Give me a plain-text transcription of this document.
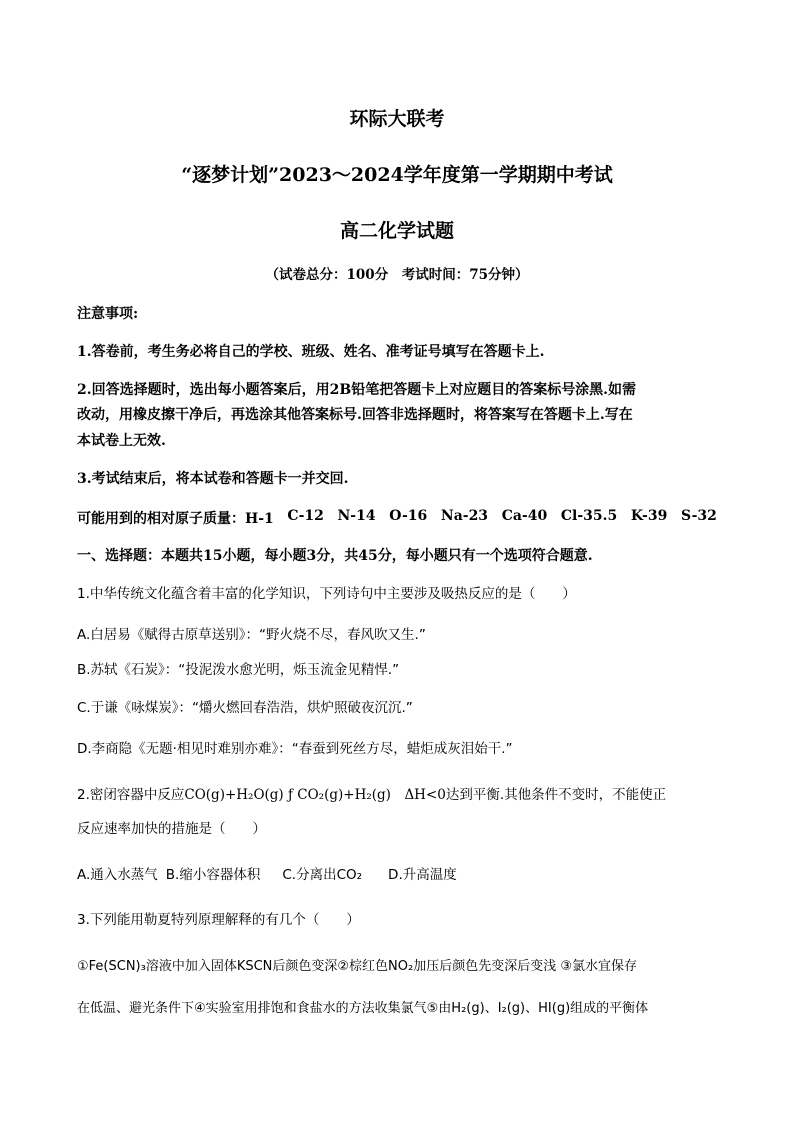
环际大联考
“逐梦计划”2023～2024学年度第一学期期中考试
高二化学试题
（试卷总分：100分　考试时间：75分钟）
注意事项:
1.答卷前，考生务必将自己的学校、班级、姓名、准考证号填写在答题卡上.
2.回答选择题时，选出每小题答案后，用2B铅笔把答题卡上对应题目的答案标号涂黑.如需
改动，用橡皮擦干净后，再选涂其他答案标号.回答非选择题时，将答案写在答题卡上.写在
本试卷上无效.
3.考试结束后，将本试卷和答题卡一并交回.
可能用到的相对原子质量：H-1 C-12 N-14 O-16 Na-23 Ca-40 Cl-35.5 K-39 S-32
一、选择题：本题共15小题，每小题3分，共45分，每小题只有一个选项符合题意.
1.中华传统文化蕴含着丰富的化学知识，下列诗句中主要涉及吸热反应的是（　　）
A.白居易《赋得古原草送别》：“野火烧不尽，春风吹又生.”
B.苏轼《石炭》：“投泥泼水愈光明，烁玉流金见精悍.”
C.于谦《咏煤炭》：“爝火燃回春浩浩，烘炉照破夜沉沉.”
D.李商隐《无题·相见时难别亦难》：“春蚕到死丝方尽，蜡炬成灰泪始干.”
2.密闭容器中反应CO(g)+H₂O(g) ƒ CO₂(g)+H₂(g)　ΔH<0达到平衡.其他条件不变时，不能使正
反应速率加快的措施是（　　）
A.通入水蒸气 B.缩小容器体积 C.分离出CO₂ D.升高温度
3.下列能用勒夏特列原理解释的有几个（　　）
①Fe(SCN)₃溶液中加入固体KSCN后颜色变深②棕红色NO₂加压后颜色先变深后变浅 ③氯水宜保存
在低温、避光条件下④实验室用排饱和食盐水的方法收集氯气⑤由H₂(g)、I₂(g)、HI(g)组成的平衡体
